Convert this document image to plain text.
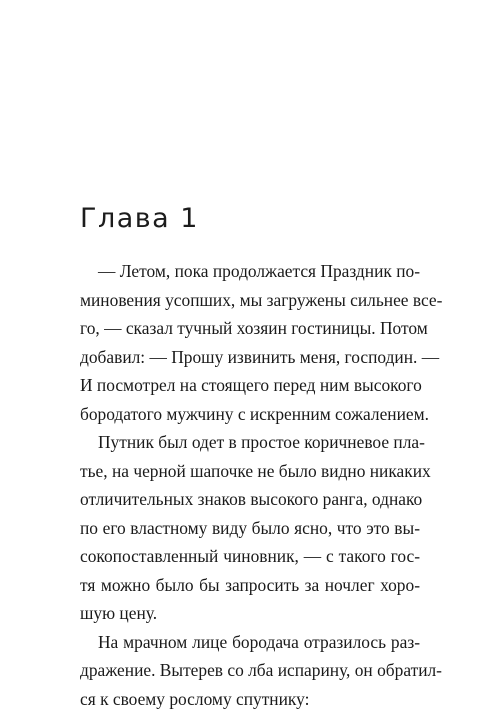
Глава 1

— Летом, пока продолжается Праздник по-
миновения усопших, мы загружены сильнее все-
го, — сказал тучный хозяин гостиницы. Потом
добавил: — Прошу извинить меня, господин. —
И посмотрел на стоящего перед ним высокого
бородатого мужчину с искренним сожалением.

Путник был одет в простое коричневое пла-
тье, на черной шапочке не было видно никаких
отличительных знаков высокого ранга, однако
по его властному виду было ясно, что это вы-
сокопоставленный чиновник, — с такого гос-
тя можно было бы запросить за ночлег хоро-
шую цену.

На мрачном лице бородача отразилось раз-
дражение. Вытерев со лба испарину, он обратил-
ся к своему рослому спутнику:
